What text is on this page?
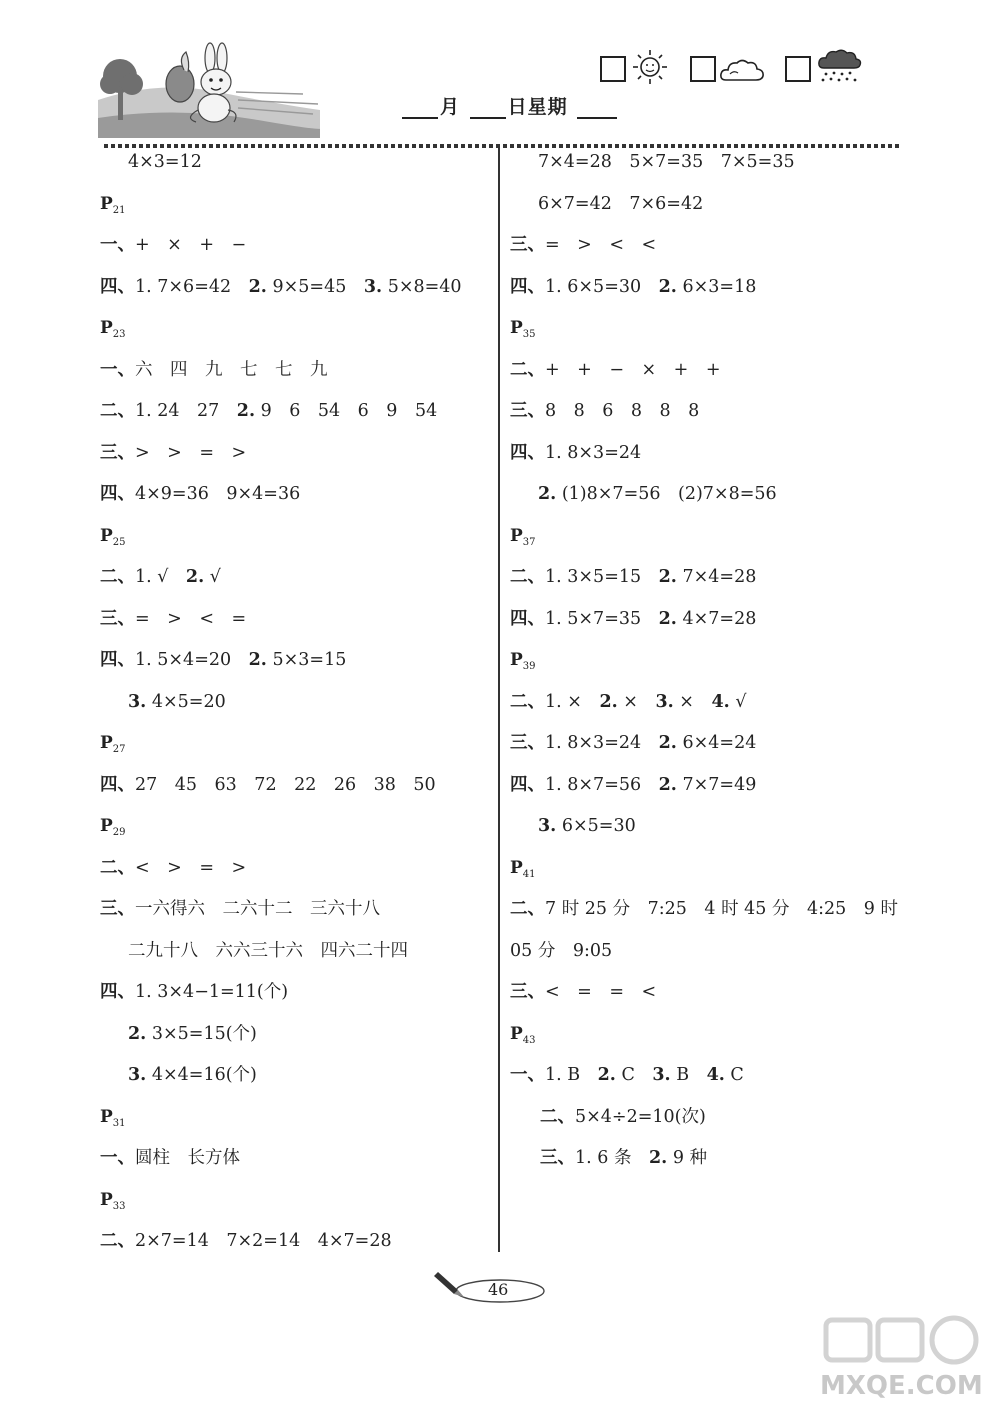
月	日星期
4×3=12
$P_{21}$
一、+　×　+　−
四、1. 7×6=42　2. 9×5=45　3. 5×8=40
$P_{23}$
一、六　四　九　七　七　九
二、1. 24　27　2. 9　6　54　6　9　54
三、>　>　=　>
四、4×9=36　9×4=36
$P_{25}$
二、1. √　2. √
三、=　>　<　=
四、1. 5×4=20　2. 5×3=15
3. 4×5=20
$P_{27}$
四、27　45　63　72　22　26　38　50
$P_{29}$
二、<　>　=　>
三、一六得六　二六十二　三六十八
二九十八　六六三十六　四六二十四
四、1. 3×4−1=11(个)
2. 3×5=15(个)
3. 4×4=16(个)
$P_{31}$
一、圆柱　长方体
$P_{33}$
二、2×7=14　7×2=14　4×7=28
7×4=28　5×7=35　7×5=35
6×7=42　7×6=42
三、=　>　<　<
四、1. 6×5=30　2. 6×3=18
$P_{35}$
二、+　+　−　×　+　+
三、8　8　6　8　8　8
四、1. 8×3=24
2. (1)8×7=56　(2)7×8=56
$P_{37}$
二、1. 3×5=15　2. 7×4=28
四、1. 5×7=35　2. 4×7=28
$P_{39}$
二、1. ×　2. ×　3. ×　4. √
三、1. 8×3=24　2. 6×4=24
四、1. 8×7=56　2. 7×7=49
3. 6×5=30
$P_{41}$
二、7 时 25 分　7:25　4 时 45 分　4:25　9 时
05 分　9:05
三、<　=　=　<
$P_{43}$
一、1. B　2. C　3. B　4. C
二、5×4÷2=10(次)
三、1. 6 条　2. 9 种
46
MXQE.COM
